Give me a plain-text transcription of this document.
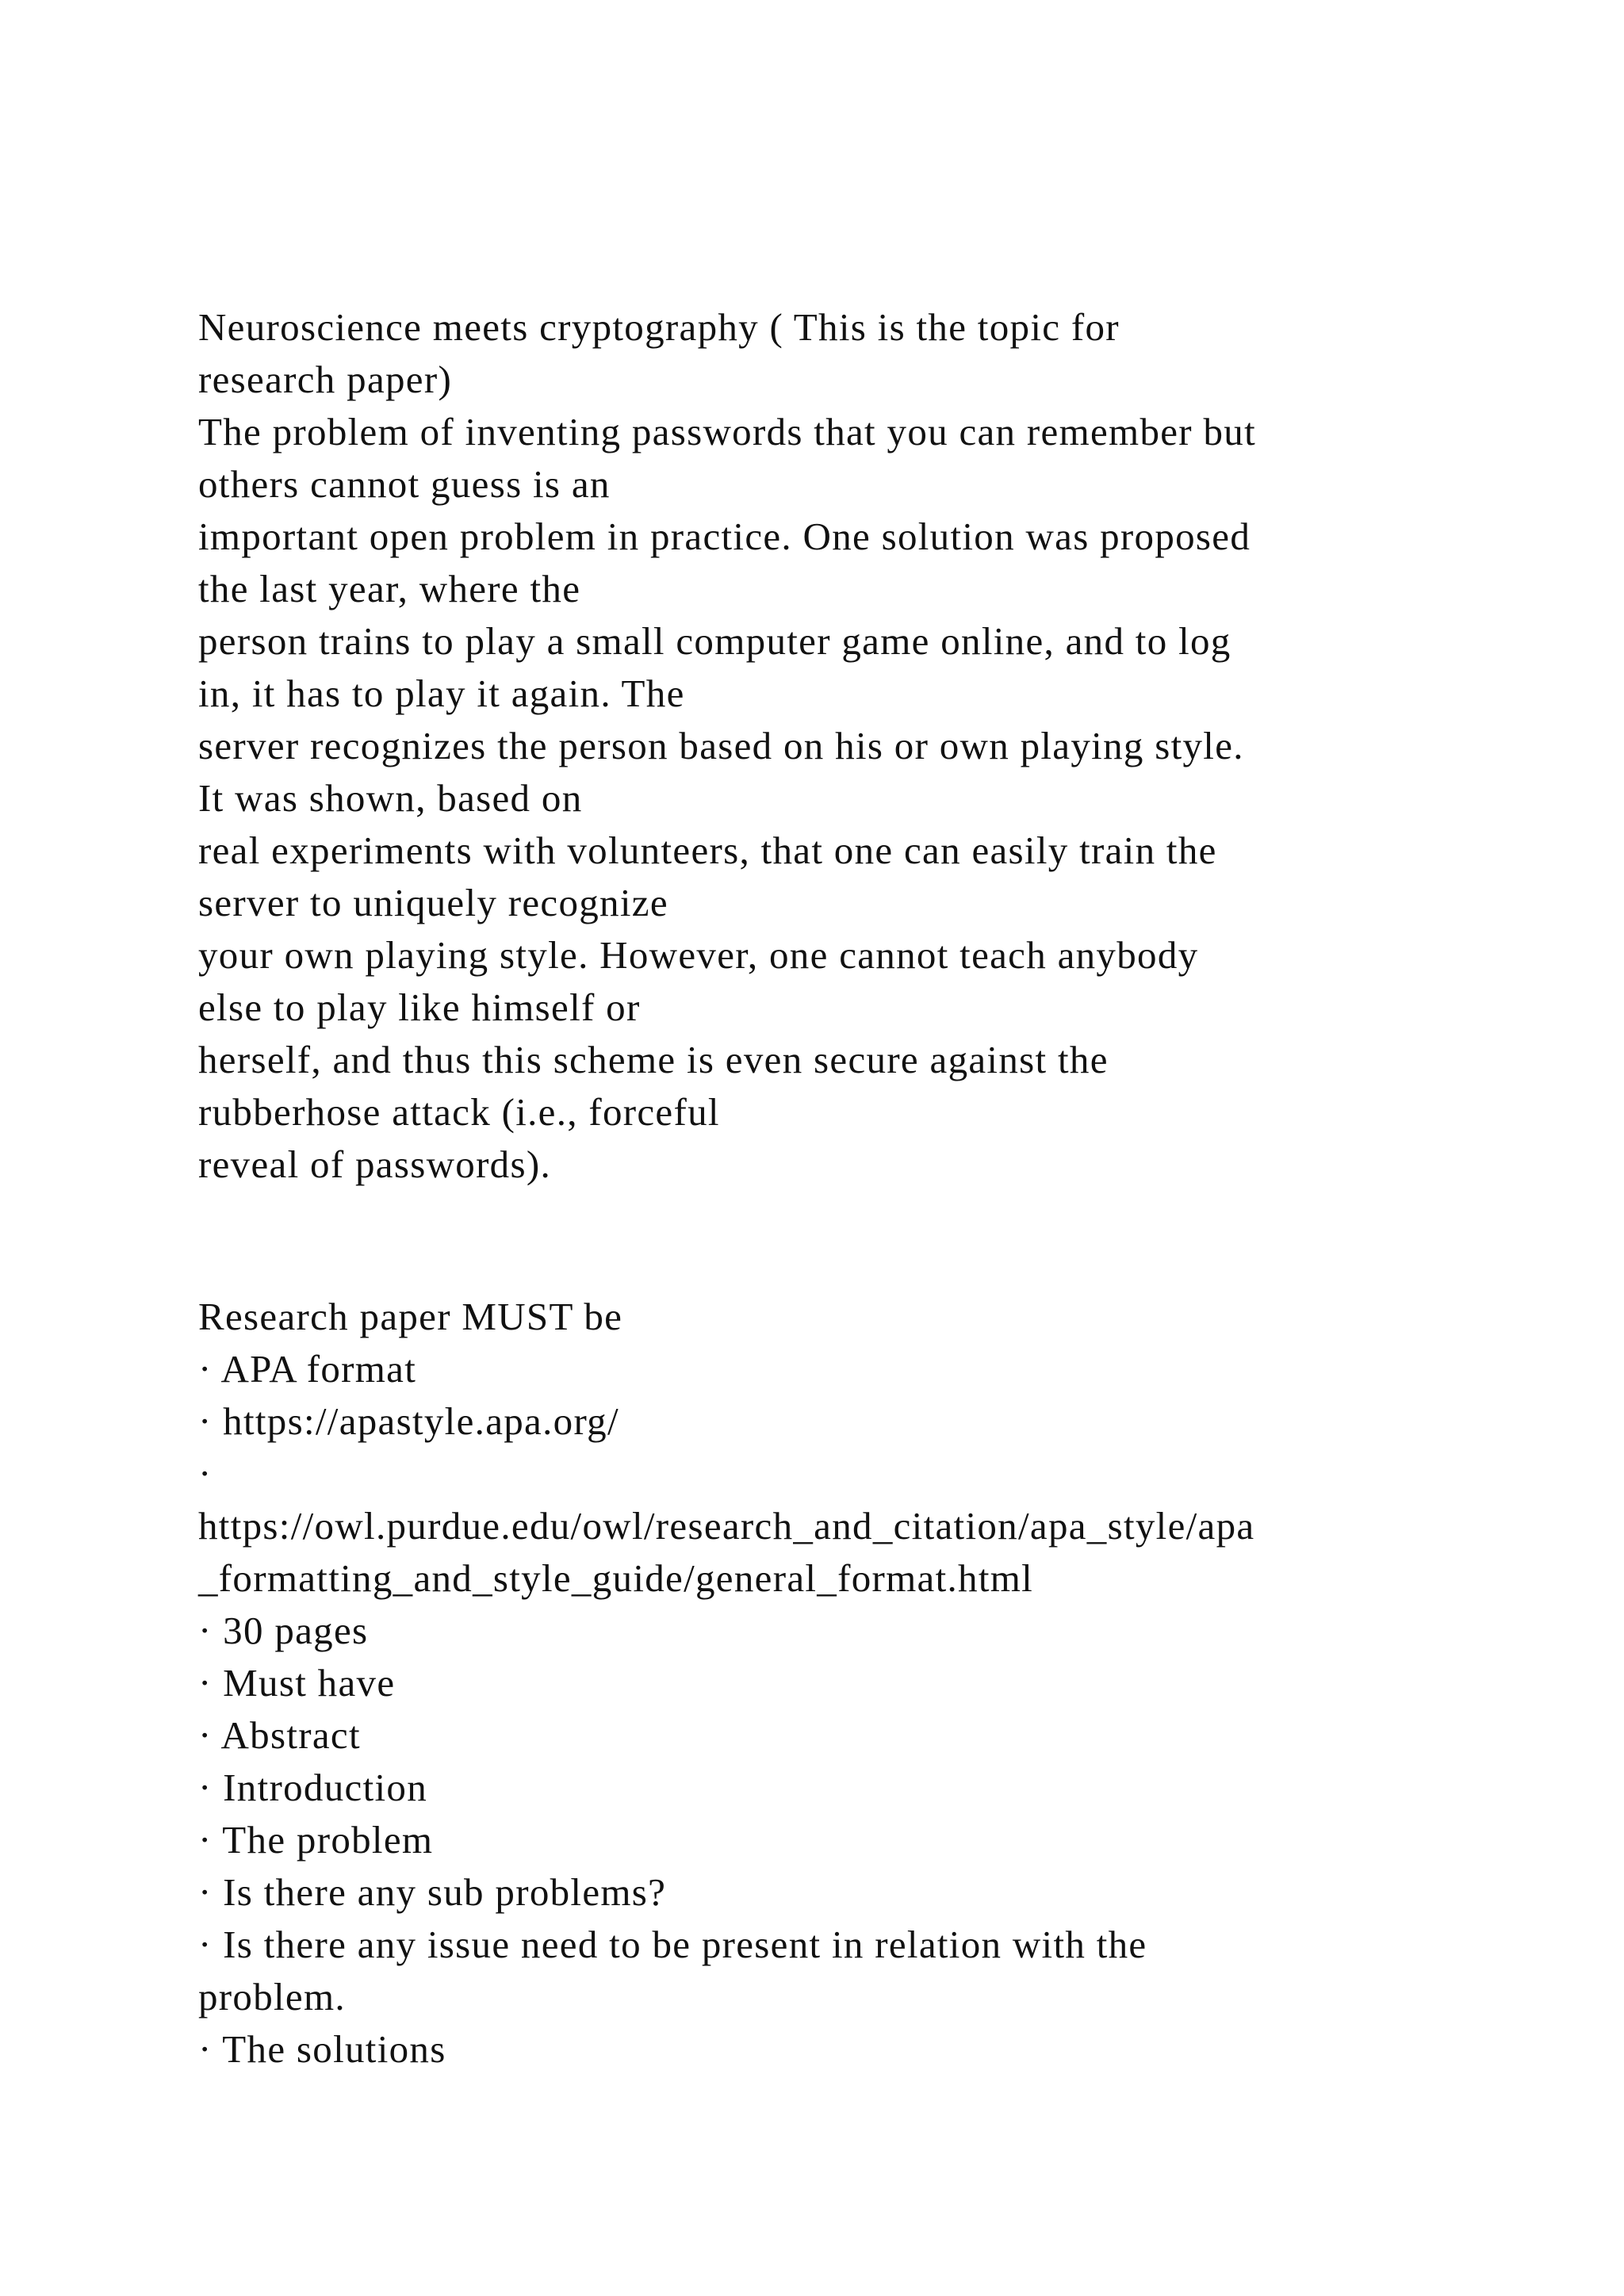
Neuroscience meets cryptography ( This is the topic for
research paper)
The problem of inventing passwords that you can remember but
others cannot guess is an
important open problem in practice. One solution was proposed
the last year, where the
person trains to play a small computer game online, and to log
in, it has to play it again. The
server recognizes the person based on his or own playing style.
It was shown, based on
real experiments with volunteers, that one can easily train the
server to uniquely recognize
your own playing style. However, one cannot teach anybody
else to play like himself or
herself, and thus this scheme is even secure against the
rubberhose attack (i.e., forceful
reveal of passwords).
Research paper MUST be
· APA format
· https://apastyle.apa.org/
·
https://owl.purdue.edu/owl/research_and_citation/apa_style/apa
_formatting_and_style_guide/general_format.html
· 30 pages
· Must have
· Abstract
· Introduction
· The problem
· Is there any sub problems?
· Is there any issue need to be present in relation with the
problem.
· The solutions
